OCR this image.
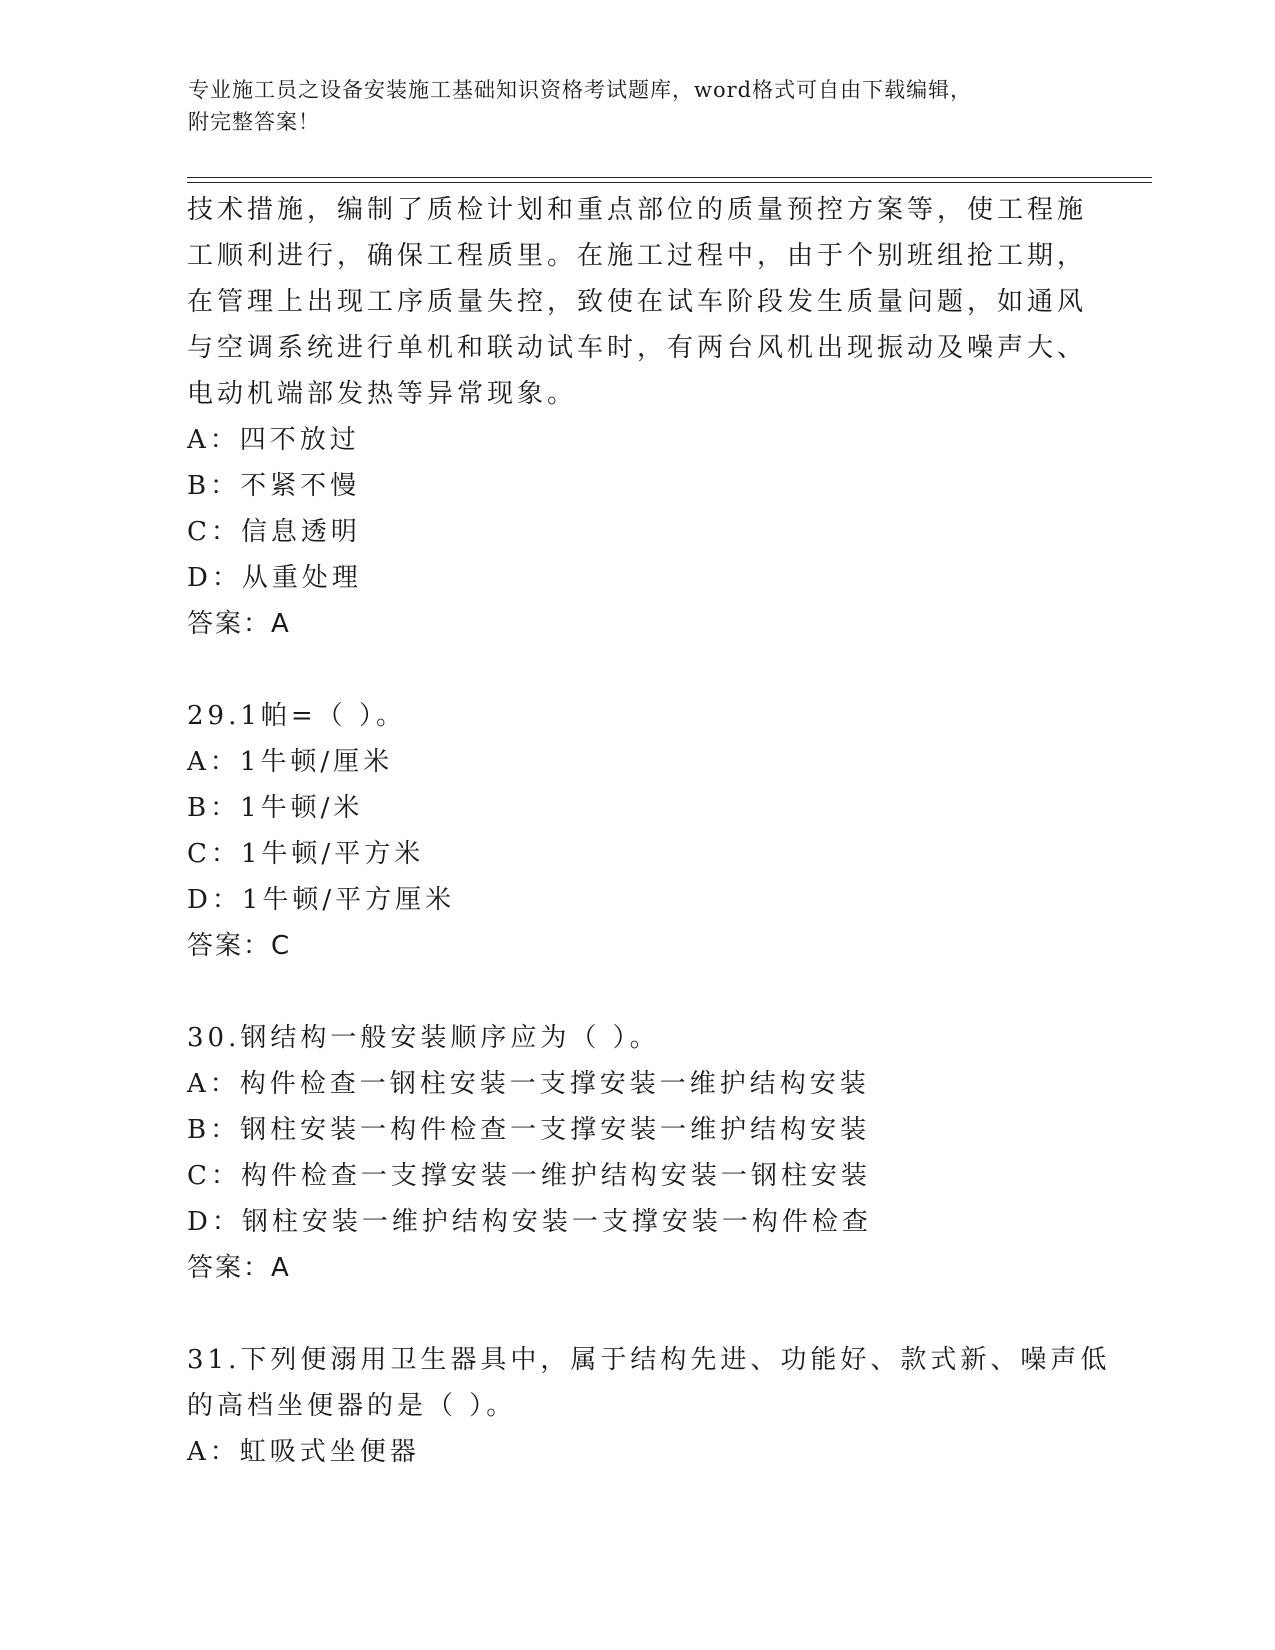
专业施工员之设备安装施工基础知识资格考试题库，word格式可自由下载编辑，
附完整答案！
技术措施，编制了质检计划和重点部位的质量预控方案等，使工程施
工顺利进行，确保工程质里。在施工过程中，由于个别班组抢工期，
在管理上出现工序质量失控，致使在试车阶段发生质量问题，如通风
与空调系统进行单机和联动试车时，有两台风机出现振动及噪声大、
电动机端部发热等异常现象。
A：四不放过
B：不紧不慢
C：信息透明
D：从重处理
答案：A
29.1帕=（ ）。
A：1牛顿/厘米
B：1牛顿/米
C：1牛顿/平方米
D：1牛顿/平方厘米
答案：C
30.钢结构一般安装顺序应为（ ）。
A：构件检查一钢柱安装一支撑安装一维护结构安装
B：钢柱安装一构件检查一支撑安装一维护结构安装
C：构件检查一支撑安装一维护结构安装一钢柱安装
D：钢柱安装一维护结构安装一支撑安装一构件检查
答案：A
31.下列便溺用卫生器具中，属于结构先进、功能好、款式新、噪声低
的高档坐便器的是（ ）。
A：虹吸式坐便器
